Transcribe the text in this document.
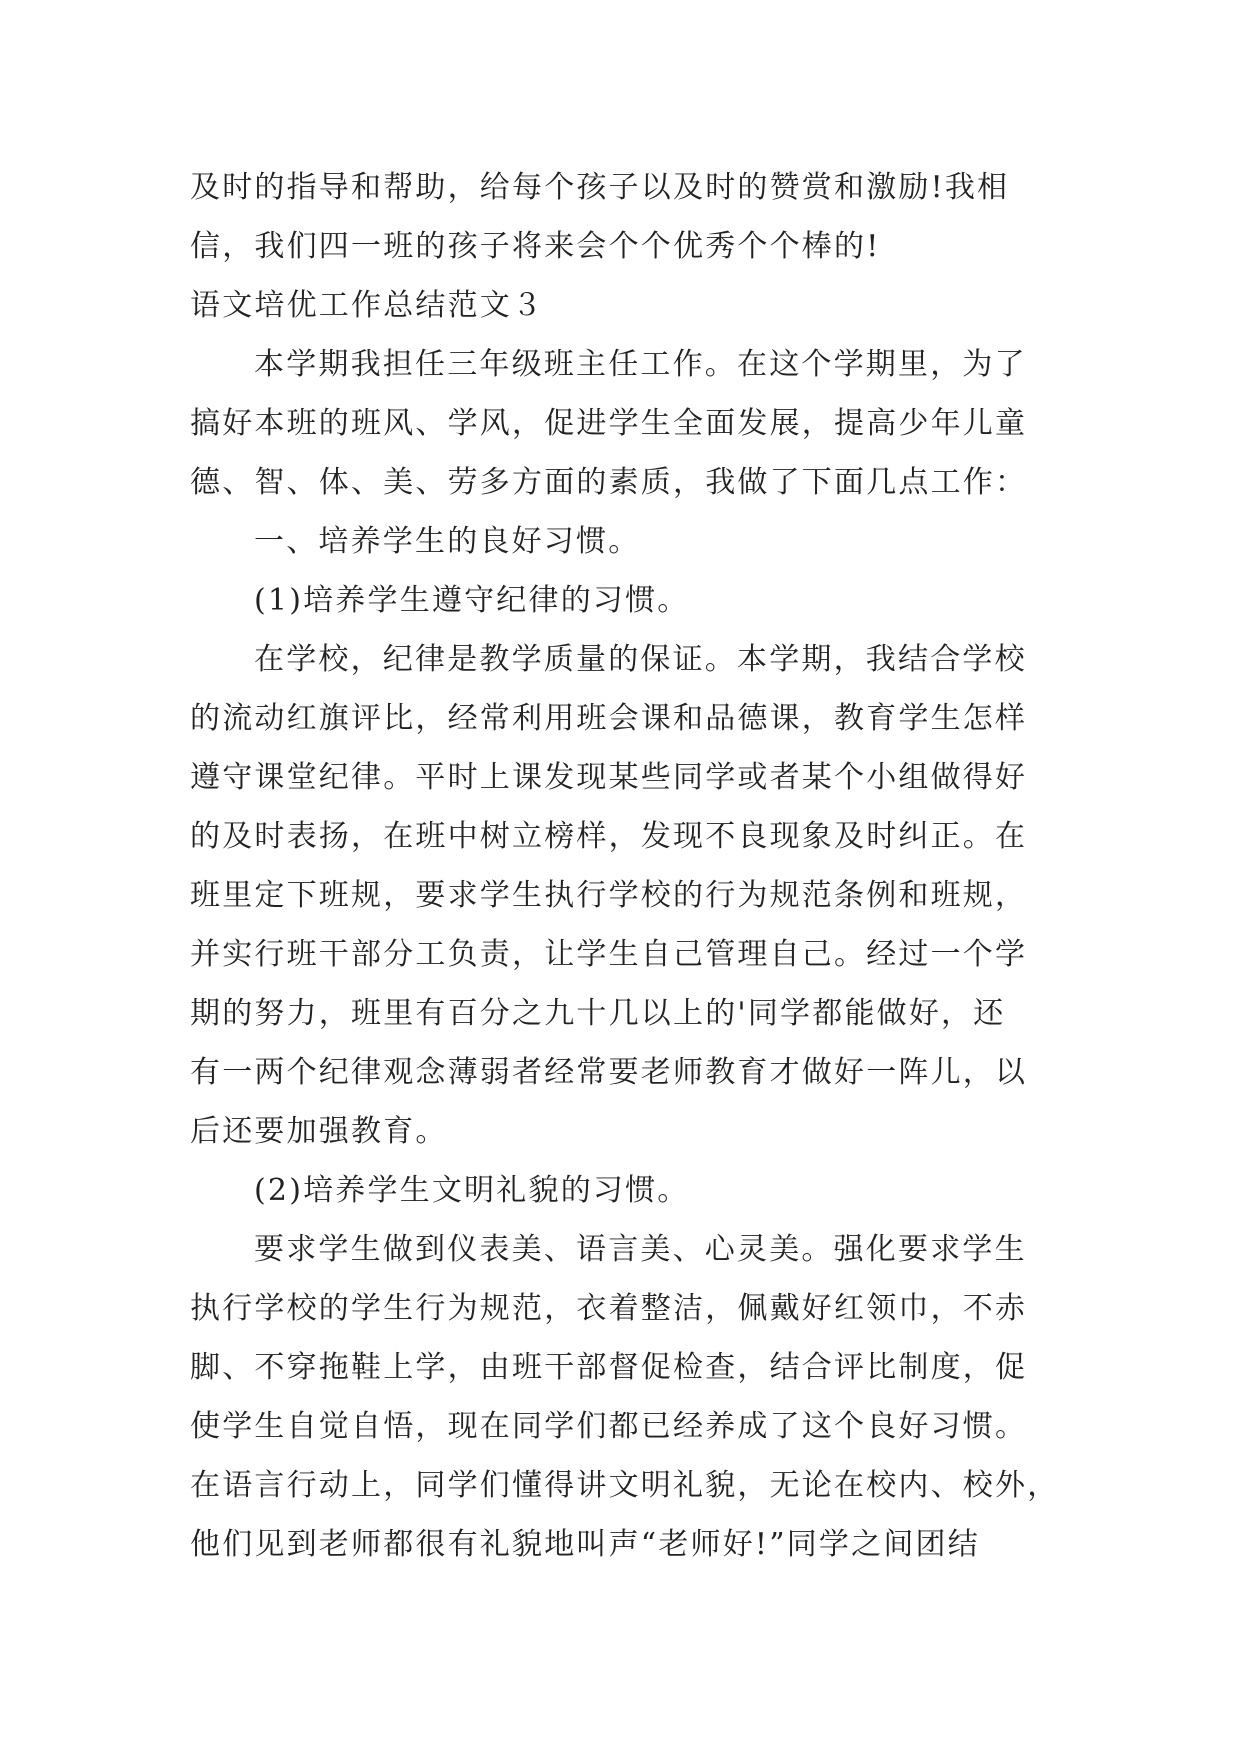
及时的指导和帮助，给每个孩子以及时的赞赏和激励!我相
信，我们四一班的孩子将来会个个优秀个个棒的!
语文培优工作总结范文３
本学期我担任三年级班主任工作。在这个学期里，为了
搞好本班的班风、学风，促进学生全面发展，提高少年儿童
德、智、体、美、劳多方面的素质，我做了下面几点工作：
一、培养学生的良好习惯。
(1)培养学生遵守纪律的习惯。
在学校，纪律是教学质量的保证。本学期，我结合学校
的流动红旗评比，经常利用班会课和品德课，教育学生怎样
遵守课堂纪律。平时上课发现某些同学或者某个小组做得好
的及时表扬，在班中树立榜样，发现不良现象及时纠正。在
班里定下班规，要求学生执行学校的行为规范条例和班规，
并实行班干部分工负责，让学生自己管理自己。经过一个学
期的努力，班里有百分之九十几以上的'同学都能做好，还
有一两个纪律观念薄弱者经常要老师教育才做好一阵儿，以
后还要加强教育。
(2)培养学生文明礼貌的习惯。
要求学生做到仪表美、语言美、心灵美。强化要求学生
执行学校的学生行为规范，衣着整洁，佩戴好红领巾，不赤
脚、不穿拖鞋上学，由班干部督促检查，结合评比制度，促
使学生自觉自悟，现在同学们都已经养成了这个良好习惯。
在语言行动上，同学们懂得讲文明礼貌，无论在校内、校外，
他们见到老师都很有礼貌地叫声“老师好!”同学之间团结
